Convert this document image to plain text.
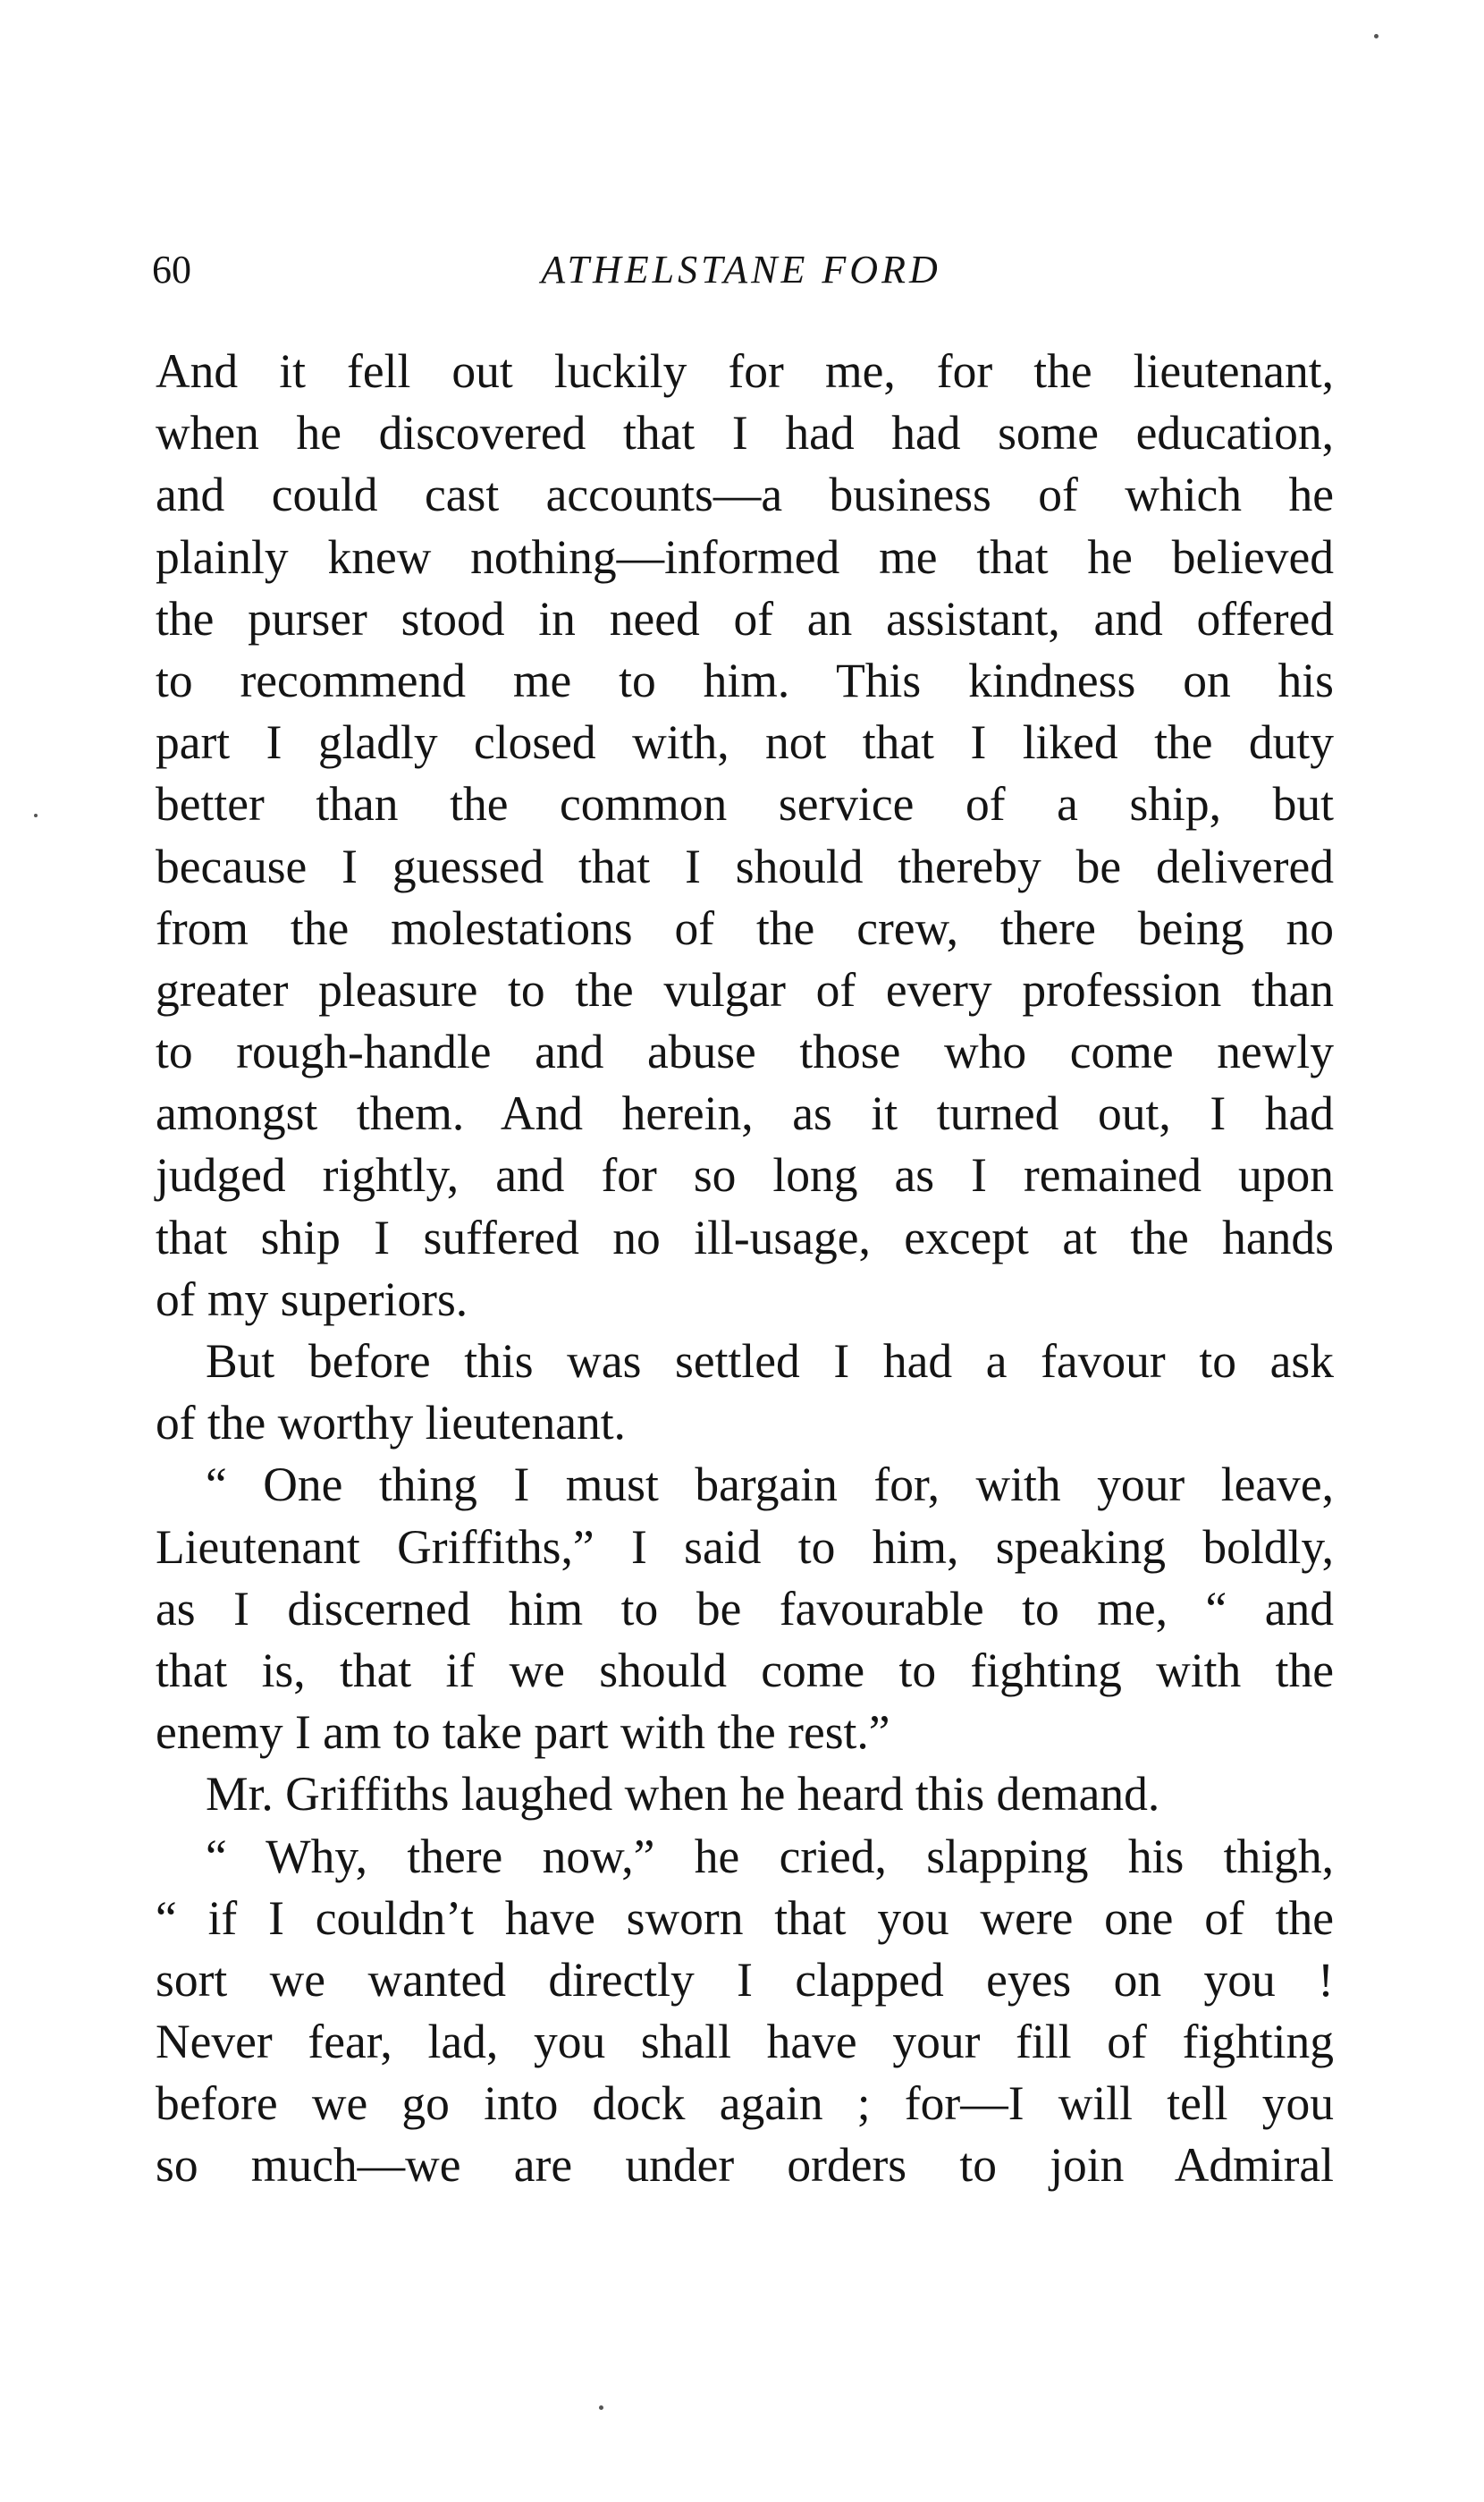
60	ATHELSTANE FORD
And it fell out luckily for me, for the lieutenant,
when he discovered that I had had some education,
and could cast accounts—a business of which he
plainly knew nothing—informed me that he believed
the purser stood in need of an assistant, and offered
to recommend me to him. This kindness on his
part I gladly closed with, not that I liked the duty
better than the common service of a ship, but
because I guessed that I should thereby be delivered
from the molestations of the crew, there being no
greater pleasure to the vulgar of every profession than
to rough-handle and abuse those who come newly
amongst them. And herein, as it turned out, I had
judged rightly, and for so long as I remained upon
that ship I suffered no ill-usage, except at the hands
of my superiors.
But before this was settled I had a favour to ask
of the worthy lieutenant.
“ One thing I must bargain for, with your leave,
Lieutenant Griffiths,” I said to him, speaking boldly,
as I discerned him to be favourable to me, “ and
that is, that if we should come to fighting with the
enemy I am to take part with the rest.”
Mr. Griffiths laughed when he heard this demand.
“ Why, there now,” he cried, slapping his thigh,
“ if I couldn’t have sworn that you were one of the
sort we wanted directly I clapped eyes on you !
Never fear, lad, you shall have your fill of fighting
before we go into dock again ; for—I will tell you
so much—we are under orders to join Admiral
